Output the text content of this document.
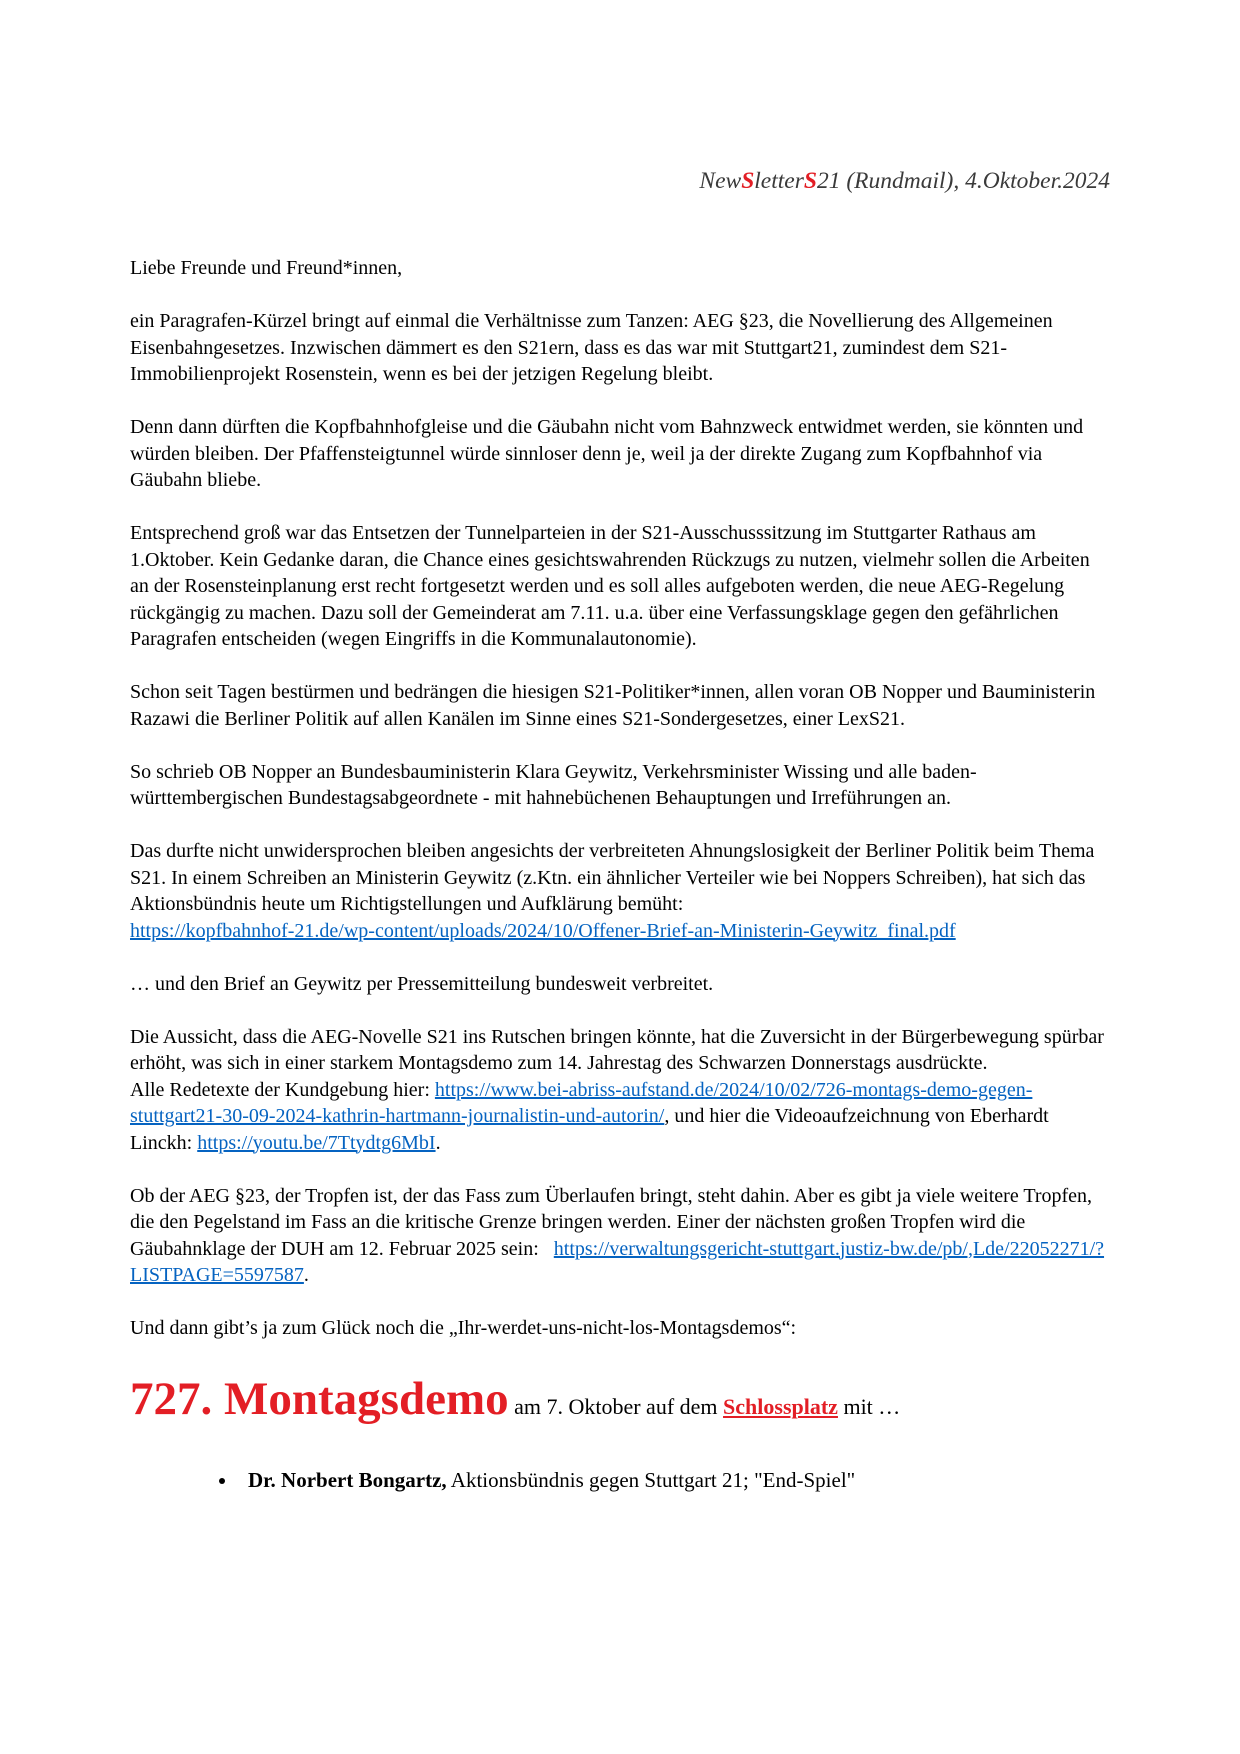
NewSletterS21 (Rundmail), 4.Oktober.2024

Liebe Freunde und Freund*innen,

ein Paragrafen-Kürzel bringt auf einmal die Verhältnisse zum Tanzen: AEG §23, die Novellierung des Allgemeinen Eisenbahngesetzes. Inzwischen dämmert es den S21ern, dass es das war mit Stuttgart21, zumindest dem S21-Immobilienprojekt Rosenstein, wenn es bei der jetzigen Regelung bleibt.

Denn dann dürften die Kopfbahnhofgleise und die Gäubahn nicht vom Bahnzweck entwidmet werden, sie könnten und würden bleiben. Der Pfaffensteigtunnel würde sinnloser denn je, weil ja der direkte Zugang zum Kopfbahnhof via Gäubahn bliebe.

Entsprechend groß war das Entsetzen der Tunnelparteien in der S21-Ausschusssitzung im Stuttgarter Rathaus am 1.Oktober. Kein Gedanke daran, die Chance eines gesichtswahrenden Rückzugs zu nutzen, vielmehr sollen die Arbeiten an der Rosensteinplanung erst recht fortgesetzt werden und es soll alles aufgeboten werden, die neue AEG-Regelung rückgängig zu machen. Dazu soll der Gemeinderat am 7.11. u.a. über eine Verfassungsklage gegen den gefährlichen Paragrafen entscheiden (wegen Eingriffs in die Kommunalautonomie).

Schon seit Tagen bestürmen und bedrängen die hiesigen S21-Politiker*innen, allen voran OB Nopper und Bauministerin Razawi die Berliner Politik auf allen Kanälen im Sinne eines S21-Sondergesetzes, einer LexS21.

So schrieb OB Nopper an Bundesbauministerin Klara Geywitz, Verkehrsminister Wissing und alle baden-württembergischen Bundestagsabgeordnete - mit hahnebüchenen Behauptungen und Irreführungen an.

Das durfte nicht unwidersprochen bleiben angesichts der verbreiteten Ahnungslosigkeit der Berliner Politik beim Thema S21. In einem Schreiben an Ministerin Geywitz (z.Ktn. ein ähnlicher Verteiler wie bei Noppers Schreiben), hat sich das Aktionsbündnis heute um Richtigstellungen und Aufklärung bemüht:
https://kopfbahnhof-21.de/wp-content/uploads/2024/10/Offener-Brief-an-Ministerin-Geywitz_final.pdf

… und den Brief an Geywitz per Pressemitteilung bundesweit verbreitet.

Die Aussicht, dass die AEG-Novelle S21 ins Rutschen bringen könnte, hat die Zuversicht in der Bürgerbewegung spürbar erhöht, was sich in einer starkem Montagsdemo zum 14. Jahrestag des Schwarzen Donnerstags ausdrückte.
Alle Redetexte der Kundgebung hier: https://www.bei-abriss-aufstand.de/2024/10/02/726-montags-demo-gegen-stuttgart21-30-09-2024-kathrin-hartmann-journalistin-und-autorin/, und hier die Videoaufzeichnung von Eberhardt Linckh: https://youtu.be/7Ttydtg6MbI.

Ob der AEG §23, der Tropfen ist, der das Fass zum Überlaufen bringt, steht dahin. Aber es gibt ja viele weitere Tropfen, die den Pegelstand im Fass an die kritische Grenze bringen werden. Einer der nächsten großen Tropfen wird die Gäubahnklage der DUH am 12. Februar 2025 sein:   https://verwaltungsgericht-stuttgart.justiz-bw.de/pb/,Lde/22052271/?LISTPAGE=5597587.

Und dann gibt’s ja zum Glück noch die „Ihr-werdet-uns-nicht-los-Montagsdemos“:

727. Montagsdemo am 7. Oktober auf dem Schlossplatz mit …
• Dr. Norbert Bongartz, Aktionsbündnis gegen Stuttgart 21; "End-Spiel"
